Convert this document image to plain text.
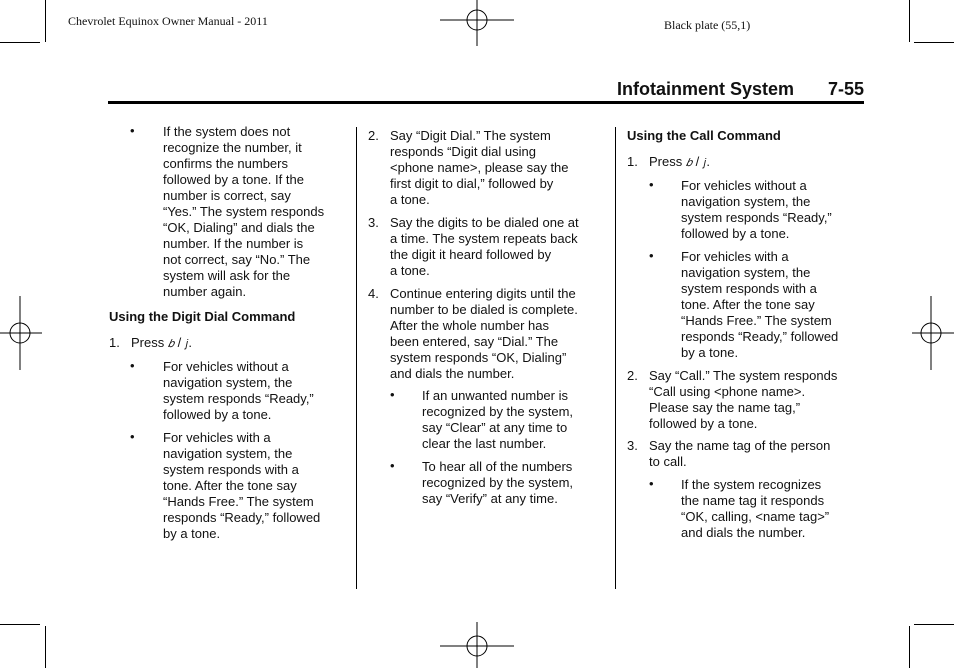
Chevrolet Equinox Owner Manual - 2011	Black plate (55,1)
Infotainment System 7-55
• If the system does not
recognize the number, it
confirms the numbers
followed by a tone. If the
number is correct, say
“Yes.” The system responds
“OK, Dialing” and dials the
number. If the number is
not correct, say “No.” The
system will ask for the
number again.
Using the Digit Dial Command
1. Press 𝑏 / 𝑗.
• For vehicles without a
navigation system, the
system responds “Ready,”
followed by a tone.
• For vehicles with a
navigation system, the
system responds with a
tone. After the tone say
“Hands Free.” The system
responds “Ready,” followed
by a tone.
2. Say “Digit Dial.” The system
responds “Digit dial using
<phone name>, please say the
first digit to dial,” followed by
a tone.
3. Say the digits to be dialed one at
a time. The system repeats back
the digit it heard followed by
a tone.
4. Continue entering digits until the
number to be dialed is complete.
After the whole number has
been entered, say “Dial.” The
system responds “OK, Dialing”
and dials the number.
• If an unwanted number is
recognized by the system,
say “Clear” at any time to
clear the last number.
• To hear all of the numbers
recognized by the system,
say “Verify” at any time.
Using the Call Command
1. Press 𝑏 / 𝑗.
• For vehicles without a
navigation system, the
system responds “Ready,”
followed by a tone.
• For vehicles with a
navigation system, the
system responds with a
tone. After the tone say
“Hands Free.” The system
responds “Ready,” followed
by a tone.
2. Say “Call.” The system responds
“Call using <phone name>.
Please say the name tag,”
followed by a tone.
3. Say the name tag of the person
to call.
• If the system recognizes
the name tag it responds
“OK, calling, <name tag>”
and dials the number.
